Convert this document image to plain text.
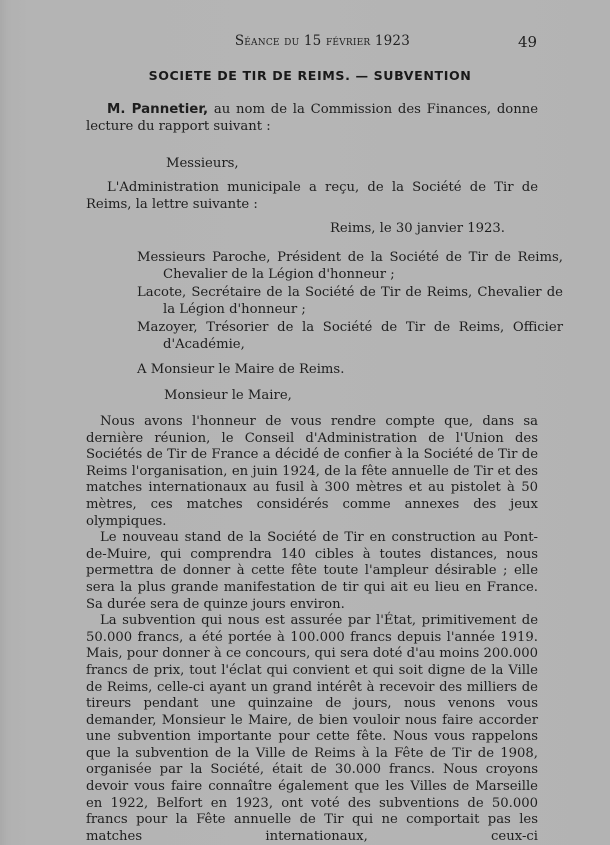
Séance du 15 février 1923	49
SOCIETE DE TIR DE REIMS. — SUBVENTION
M. Pannetier, au nom de la Commission des Finances, donne lecture du rapport suivant :
Messieurs,
L'Administration municipale a reçu, de la Société de Tir de Reims, la lettre suivante :
Reims, le 30 janvier 1923.
Messieurs Paroche, Président de la Société de Tir de Reims, Chevalier de la Légion d'honneur ;
Lacote, Secrétaire de la Société de Tir de Reims, Chevalier de la Légion d'honneur ;
Mazoyer, Trésorier de la Société de Tir de Reims, Officier d'Académie,
A Monsieur le Maire de Reims.
Monsieur le Maire,

Nous avons l'honneur de vous rendre compte que, dans sa dernière réunion, le Conseil d'Administration de l'Union des Sociétés de Tir de France a décidé de confier à la Société de Tir de Reims l'organisation, en juin 1924, de la fête annuelle de Tir et des matches internationaux au fusil à 300 mètres et au pistolet à 50 mètres, ces matches considérés comme annexes des jeux olympiques.

Le nouveau stand de la Société de Tir en construction au Pont-de-Muire, qui comprendra 140 cibles à toutes distances, nous permettra de donner à cette fête toute l'ampleur désirable ; elle sera la plus grande manifestation de tir qui ait eu lieu en France. Sa durée sera de quinze jours environ.

La subvention qui nous est assurée par l'État, primitivement de 50.000 francs, a été portée à 100.000 francs depuis l'année 1919. Mais, pour donner à ce concours, qui sera doté d'au moins 200.000 francs de prix, tout l'éclat qui convient et qui soit digne de la Ville de Reims, celle-ci ayant un grand intérêt à recevoir des milliers de tireurs pendant une quinzaine de jours, nous venons vous demander, Monsieur le Maire, de bien vouloir nous faire accorder une subvention importante pour cette fête. Nous vous rappelons que la subvention de la Ville de Reims à la Fête de Tir de 1908, organisée par la Société, était de 30.000 francs. Nous croyons devoir vous faire connaître également que les Villes de Marseille en 1922, Belfort en 1923, ont voté des subventions de 50.000 francs pour la Fête annuelle de Tir qui ne comportait pas les matches internationaux, ceux-ci
